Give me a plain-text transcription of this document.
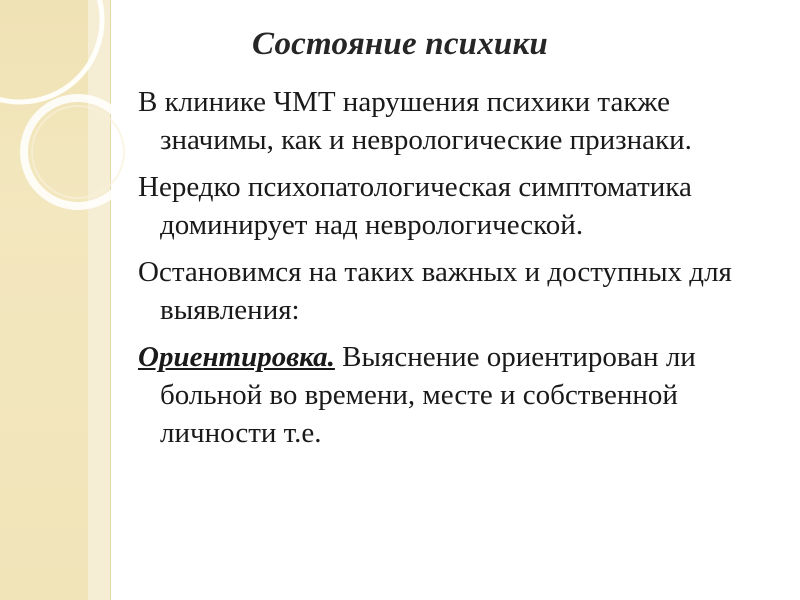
Состояние психики

В клинике ЧМТ нарушения психики также значимы, как и неврологические признаки.

Нередко психопатологическая симптоматика доминирует над неврологической.

Остановимся на таких важных и доступных для выявления:

Ориентировка. Выяснение ориентирован ли больной во времени, месте и собственной личности т.е.
